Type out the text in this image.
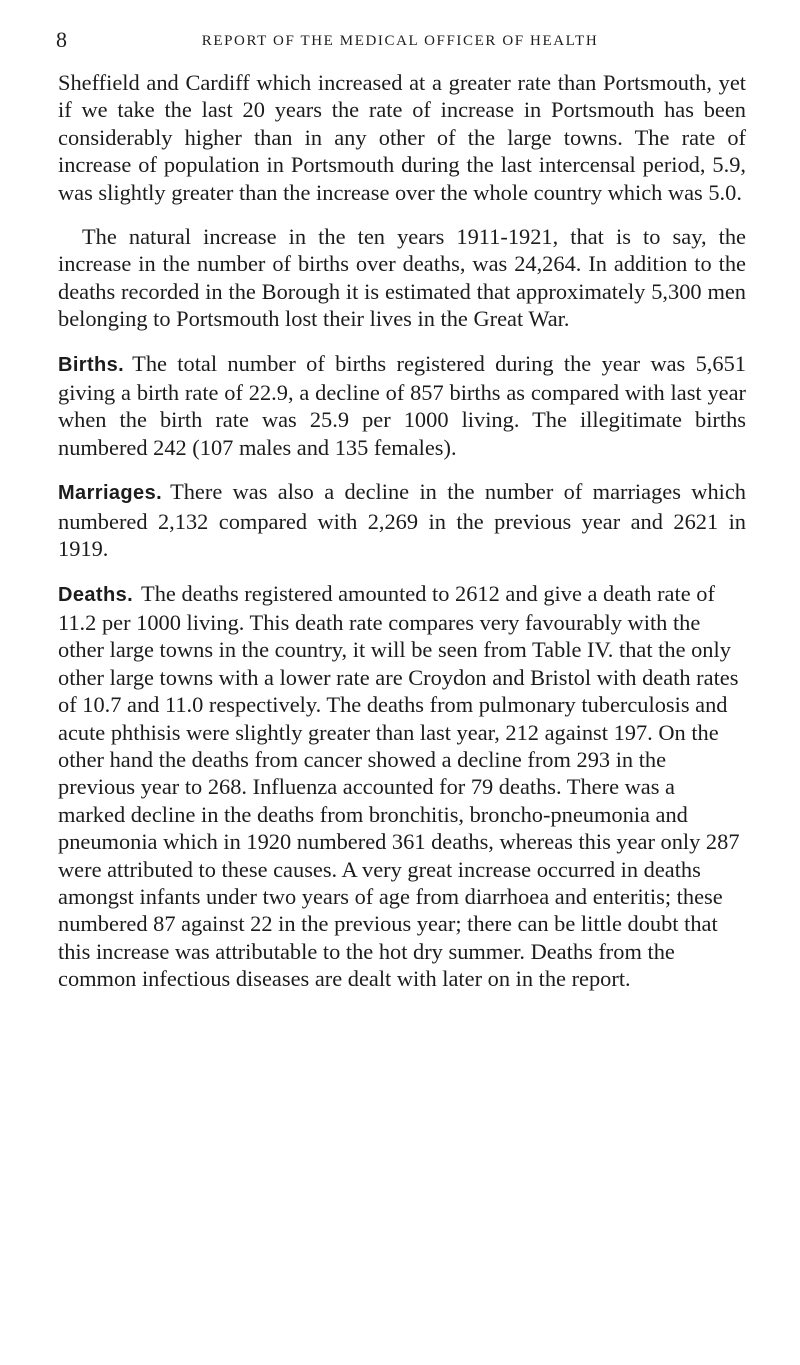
8	REPORT OF THE MEDICAL OFFICER OF HEALTH

Sheffield and Cardiff which increased at a greater rate than Portsmouth, yet if we take the last 20 years the rate of increase in Portsmouth has been considerably higher than in any other of the large towns. The rate of increase of population in Portsmouth during the last intercensal period, 5.9, was slightly greater than the increase over the whole country which was 5.0.

The natural increase in the ten years 1911-1921, that is to say, the increase in the number of births over deaths, was 24,264. In addition to the deaths recorded in the Borough it is estimated that approximately 5,300 men belonging to Portsmouth lost their lives in the Great War.

Births. The total number of births registered during the year was 5,651 giving a birth rate of 22.9, a decline of 857 births as compared with last year when the birth rate was 25.9 per 1000 living. The illegitimate births numbered 242 (107 males and 135 females).

Marriages. There was also a decline in the number of marriages which numbered 2,132 compared with 2,269 in the previous year and 2621 in 1919.

Deaths. The deaths registered amounted to 2612 and give a death rate of 11.2 per 1000 living. This death rate compares very favourably with the other large towns in the country, it will be seen from Table IV. that the only other large towns with a lower rate are Croydon and Bristol with death rates of 10.7 and 11.0 respectively. The deaths from pulmonary tuberculosis and acute phthisis were slightly greater than last year, 212 against 197. On the other hand the deaths from cancer showed a decline from 293 in the previous year to 268. Influenza accounted for 79 deaths. There was a marked decline in the deaths from bronchitis, broncho-pneumonia and pneumonia which in 1920 numbered 361 deaths, whereas this year only 287 were attributed to these causes. A very great increase occurred in deaths amongst infants under two years of age from diarrhoea and enteritis; these numbered 87 against 22 in the previous year; there can be little doubt that this increase was attributable to the hot dry summer. Deaths from the common infectious diseases are dealt with later on in the report.
